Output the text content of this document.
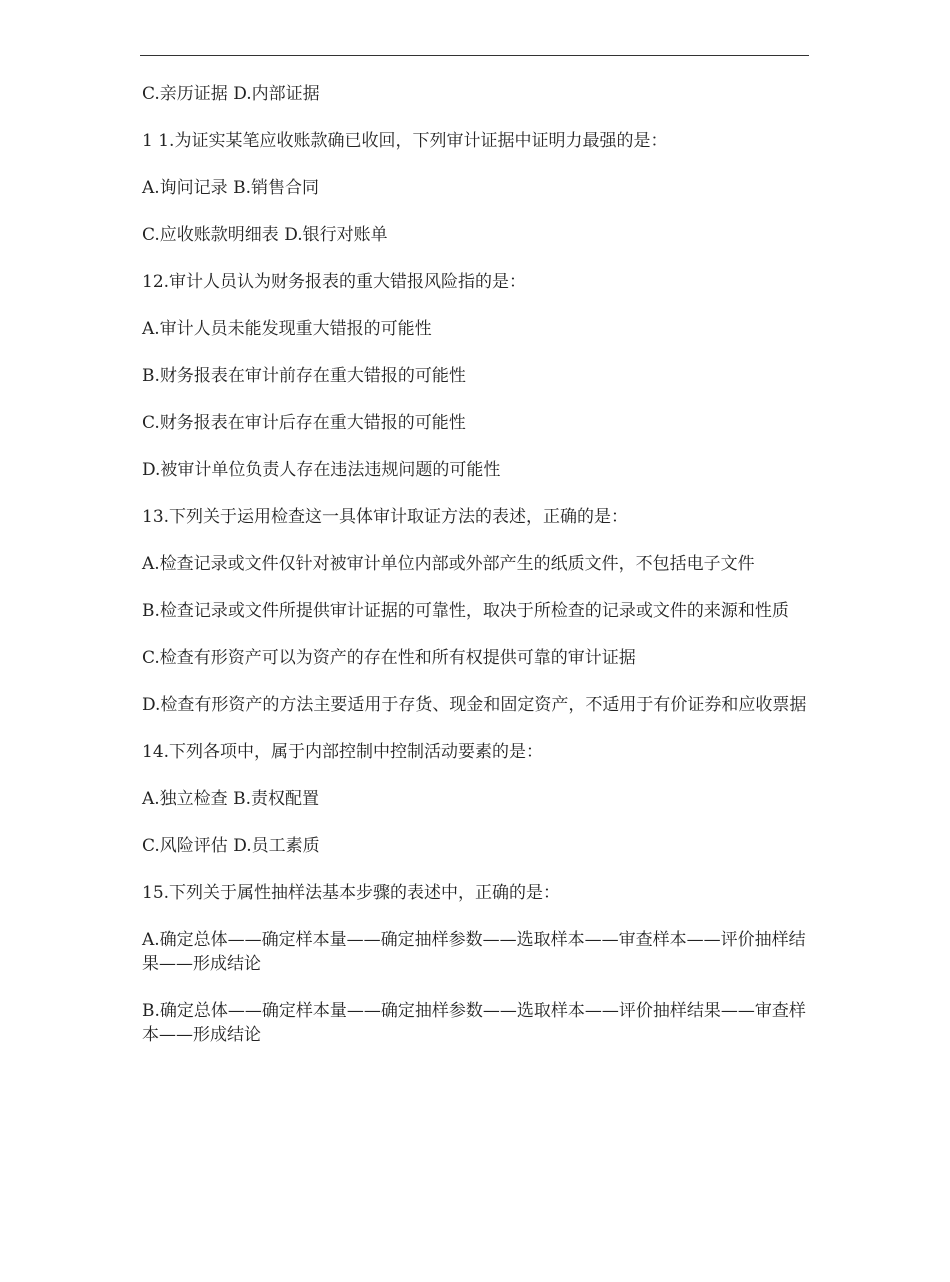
C.亲历证据 D.内部证据

1 1.为证实某笔应收账款确已收回，下列审计证据中证明力最强的是：

A.询问记录 B.销售合同

C.应收账款明细表 D.银行对账单

12.审计人员认为财务报表的重大错报风险指的是：

A.审计人员未能发现重大错报的可能性

B.财务报表在审计前存在重大错报的可能性

C.财务报表在审计后存在重大错报的可能性

D.被审计单位负责人存在违法违规问题的可能性

13.下列关于运用检查这一具体审计取证方法的表述，正确的是：

A.检查记录或文件仅针对被审计单位内部或外部产生的纸质文件，不包括电子文件

B.检查记录或文件所提供审计证据的可靠性，取决于所检查的记录或文件的来源和性质

C.检查有形资产可以为资产的存在性和所有权提供可靠的审计证据

D.检查有形资产的方法主要适用于存货、现金和固定资产，不适用于有价证券和应收票据

14.下列各项中，属于内部控制中控制活动要素的是：

A.独立检查 B.责权配置

C.风险评估 D.员工素质

15.下列关于属性抽样法基本步骤的表述中，正确的是：

A.确定总体——确定样本量——确定抽样参数——选取样本——审查样本——评价抽样结果——形成结论

B.确定总体——确定样本量——确定抽样参数——选取样本——评价抽样结果——审查样本——形成结论
